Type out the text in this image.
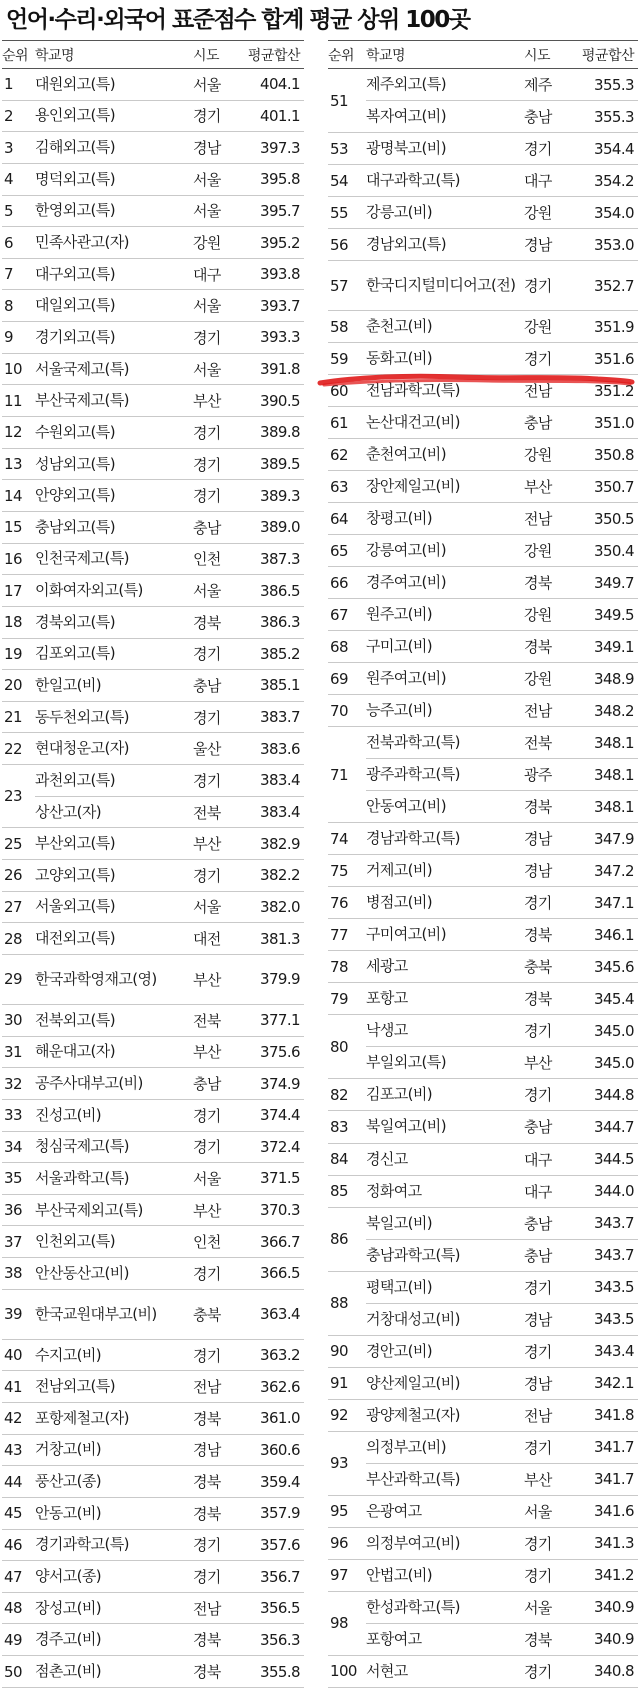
언어·수리·외국어 표준점수 합계 평균 상위 100곳
순위	학교명	시도	평균합산
1	대원외고(특)	서울	404.1
2	용인외고(특)	경기	401.1
3	김해외고(특)	경남	397.3
4	명덕외고(특)	서울	395.8
5	한영외고(특)	서울	395.7
6	민족사관고(자)	강원	395.2
7	대구외고(특)	대구	393.8
8	대일외고(특)	서울	393.7
9	경기외고(특)	경기	393.3
10	서울국제고(특)	서울	391.8
11	부산국제고(특)	부산	390.5
12	수원외고(특)	경기	389.8
13	성남외고(특)	경기	389.5
14	안양외고(특)	경기	389.3
15	충남외고(특)	충남	389.0
16	인천국제고(특)	인천	387.3
17	이화여자외고(특)	서울	386.5
18	경북외고(특)	경북	386.3
19	김포외고(특)	경기	385.2
20	한일고(비)	충남	385.1
21	동두천외고(특)	경기	383.7
22	현대청운고(자)	울산	383.6
23	과천외고(특)	경기	383.4
	상산고(자)	전북	383.4
25	부산외고(특)	부산	382.9
26	고양외고(특)	경기	382.2
27	서울외고(특)	서울	382.0
28	대전외고(특)	대전	381.3
29	한국과학영재고(영)	부산	379.9
30	전북외고(특)	전북	377.1
31	해운대고(자)	부산	375.6
32	공주사대부고(비)	충남	374.9
33	진성고(비)	경기	374.4
34	청심국제고(특)	경기	372.4
35	서울과학고(특)	서울	371.5
36	부산국제외고(특)	부산	370.3
37	인천외고(특)	인천	366.7
38	안산동산고(비)	경기	366.5
39	한국교원대부고(비)	충북	363.4
40	수지고(비)	경기	363.2
41	전남외고(특)	전남	362.6
42	포항제철고(자)	경북	361.0
43	거창고(비)	경남	360.6
44	풍산고(종)	경북	359.4
45	안동고(비)	경북	357.9
46	경기과학고(특)	경기	357.6
47	양서고(종)	경기	356.7
48	장성고(비)	전남	356.5
49	경주고(비)	경북	356.3
50	점촌고(비)	경북	355.8
순위	학교명	시도	평균합산
51	제주외고(특)	제주	355.3
	복자여고(비)	충남	355.3
53	광명북고(비)	경기	354.4
54	대구과학고(특)	대구	354.2
55	강릉고(비)	강원	354.0
56	경남외고(특)	경남	353.0
57	한국디지털미디어고(전)	경기	352.7
58	춘천고(비)	강원	351.9
59	동화고(비)	경기	351.6
60	전남과학고(특)	전남	351.2
61	논산대건고(비)	충남	351.0
62	춘천여고(비)	강원	350.8
63	장안제일고(비)	부산	350.7
64	창평고(비)	전남	350.5
65	강릉여고(비)	강원	350.4
66	경주여고(비)	경북	349.7
67	원주고(비)	강원	349.5
68	구미고(비)	경북	349.1
69	원주여고(비)	강원	348.9
70	능주고(비)	전남	348.2
71	전북과학고(특)	전북	348.1
	광주과학고(특)	광주	348.1
	안동여고(비)	경북	348.1
74	경남과학고(특)	경남	347.9
75	거제고(비)	경남	347.2
76	병점고(비)	경기	347.1
77	구미여고(비)	경북	346.1
78	세광고	충북	345.6
79	포항고	경북	345.4
80	낙생고	경기	345.0
	부일외고(특)	부산	345.0
82	김포고(비)	경기	344.8
83	북일여고(비)	충남	344.7
84	경신고	대구	344.5
85	정화여고	대구	344.0
86	북일고(비)	충남	343.7
	충남과학고(특)	충남	343.7
88	평택고(비)	경기	343.5
	거창대성고(비)	경남	343.5
90	경안고(비)	경기	343.4
91	양산제일고(비)	경남	342.1
92	광양제철고(자)	전남	341.8
93	의정부고(비)	경기	341.7
	부산과학고(특)	부산	341.7
95	은광여고	서울	341.6
96	의정부여고(비)	경기	341.3
97	안법고(비)	경기	341.2
98	한성과학고(특)	서울	340.9
	포항여고	경북	340.9
100	서현고	경기	340.8
